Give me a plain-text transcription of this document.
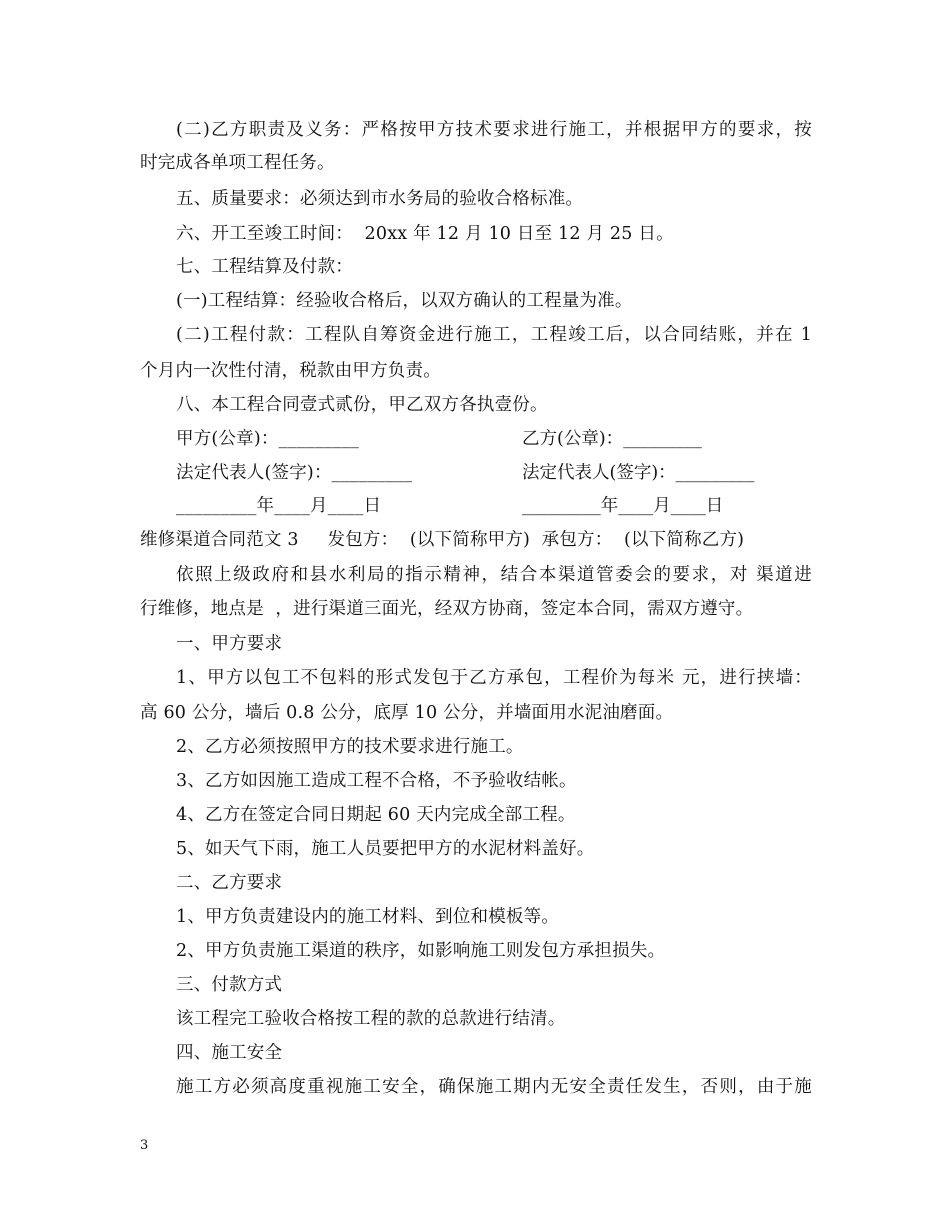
(二)乙方职责及义务：严格按甲方技术要求进行施工，并根据甲方的要求，按
时完成各单项工程任务。
五、质量要求：必须达到市水务局的验收合格标准。
六、开工至竣工时间：  20xx 年 12 月 10 日至 12 月 25 日。
七、工程结算及付款：
(一)工程结算：经验收合格后，以双方确认的工程量为准。
(二)工程付款：工程队自筹资金进行施工，工程竣工后，以合同结账，并在 1
个月内一次性付清，税款由甲方负责。
八、本工程合同壹式贰份，甲乙双方各执壹份。
甲方(公章)：_________	乙方(公章)：_________
法定代表人(签字)：_________	法定代表人(签字)：_________
_________年____月____日	_________年____月____日
维修渠道合同范文 3     发包方：  (以下简称甲方)  承包方：  (以下简称乙方)
依照上级政府和县水利局的指示精神，结合本渠道管委会的要求，对 渠道进
行维修，地点是  ，进行渠道三面光，经双方协商，签定本合同，需双方遵守。
一、甲方要求
1、甲方以包工不包料的形式发包于乙方承包，工程价为每米 元，进行挟墙：
高 60 公分，墙后 0.8 公分，底厚 10 公分，并墙面用水泥油磨面。
2、乙方必须按照甲方的技术要求进行施工。
3、乙方如因施工造成工程不合格，不予验收结帐。
4、乙方在签定合同日期起 60 天内完成全部工程。
5、如天气下雨，施工人员要把甲方的水泥材料盖好。
二、乙方要求
1、甲方负责建设内的施工材料、到位和模板等。
2、甲方负责施工渠道的秩序，如影响施工则发包方承担损失。
三、付款方式
该工程完工验收合格按工程的款的总款进行结清。
四、施工安全
施工方必须高度重视施工安全，确保施工期内无安全责任发生，否则，由于施
3
